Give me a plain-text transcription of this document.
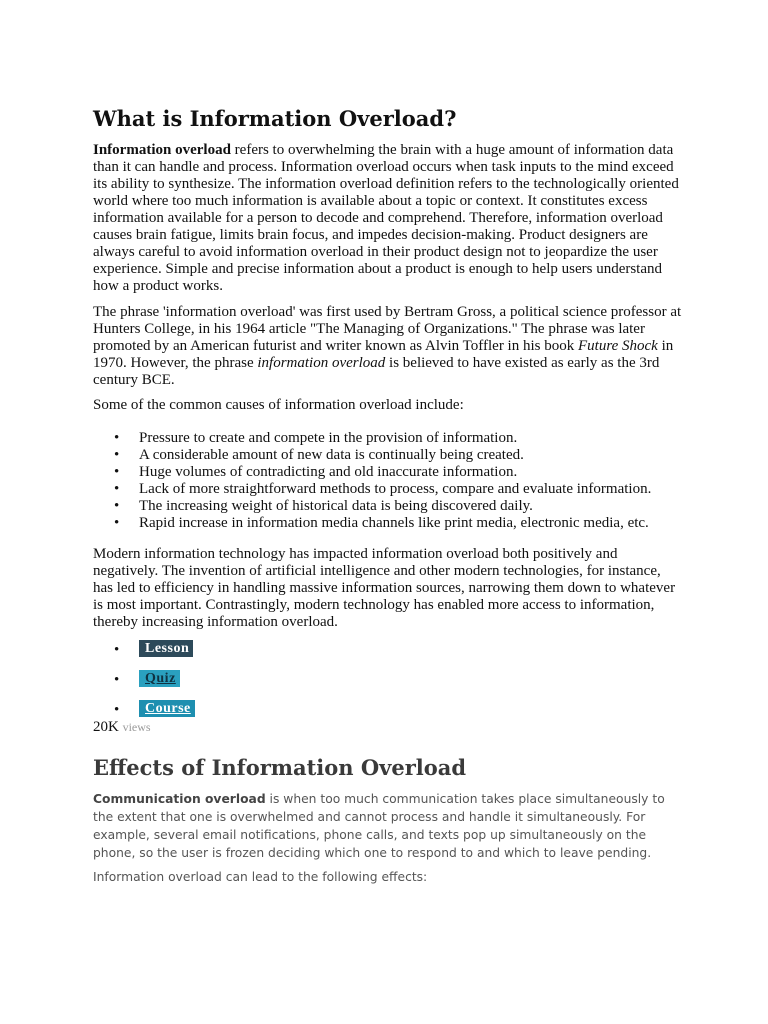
What is Information Overload?

Information overload refers to overwhelming the brain with a huge amount of information data than it can handle and process. Information overload occurs when task inputs to the mind exceed its ability to synthesize. The information overload definition refers to the technologically oriented world where too much information is available about a topic or context. It constitutes excess information available for a person to decode and comprehend. Therefore, information overload causes brain fatigue, limits brain focus, and impedes decision-making. Product designers are always careful to avoid information overload in their product design not to jeopardize the user experience. Simple and precise information about a product is enough to help users understand how a product works.

The phrase 'information overload' was first used by Bertram Gross, a political science professor at Hunters College, in his 1964 article "The Managing of Organizations." The phrase was later promoted by an American futurist and writer known as Alvin Toffler in his book Future Shock in 1970. However, the phrase information overload is believed to have existed as early as the 3rd century BCE.

Some of the common causes of information overload include:

• Pressure to create and compete in the provision of information.
• A considerable amount of new data is continually being created.
• Huge volumes of contradicting and old inaccurate information.
• Lack of more straightforward methods to process, compare and evaluate information.
• The increasing weight of historical data is being discovered daily.
• Rapid increase in information media channels like print media, electronic media, etc.

Modern information technology has impacted information overload both positively and negatively. The invention of artificial intelligence and other modern technologies, for instance, has led to efficiency in handling massive information sources, narrowing them down to whatever is most important. Contrastingly, modern technology has enabled more access to information, thereby increasing information overload.

• Lesson
• Quiz
• Course
20K views
Effects of Information Overload

Communication overload is when too much communication takes place simultaneously to the extent that one is overwhelmed and cannot process and handle it simultaneously. For example, several email notifications, phone calls, and texts pop up simultaneously on the phone, so the user is frozen deciding which one to respond to and which to leave pending.

Information overload can lead to the following effects:
